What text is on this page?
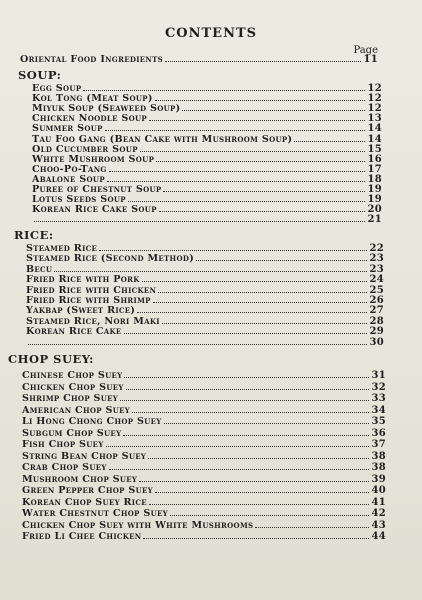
CONTENTS
Page
Oriental Food Ingredients	11
SOUP:
Egg Soup	12
Kol Tong (Meat Soup)	12
Miyuk Soup (Seaweed Soup)	12
Chicken Noodle Soup	13
Summer Soup	14
Tau Foo Gang (Bean Cake with Mushroom Soup)	14
Old Cucumber Soup	15
White Mushroom Soup	16
Choo-Po-Tang	17
Abalone Soup	18
Puree of Chestnut Soup	19
Lotus Seeds Soup	19
Korean Rice Cake Soup	20
21
RICE:
Steamed Rice	22
Steamed Rice (Second Method)	23
Becu	23
Fried Rice with Pork	24
Fried Rice with Chicken	25
Fried Rice with Shrimp	26
Yakbap (Sweet Rice)	27
Steamed Rice, Nori Maki	28
Korean Rice Cake	29
30
CHOP SUEY:
Chinese Chop Suey	31
Chicken Chop Suey	32
Shrimp Chop Suey	33
American Chop Suey	34
Li Hong Chong Chop Suey	35
Subgum Chop Suey	36
Fish Chop Suey	37
String Bean Chop Suey	38
Crab Chop Suey	38
Mushroom Chop Suey	39
Green Pepper Chop Suey	40
Korean Chop Suey Rice	41
Water Chestnut Chop Suey	42
Chicken Chop Suey with White Mushrooms	43
Fried Li Chee Chicken	44
